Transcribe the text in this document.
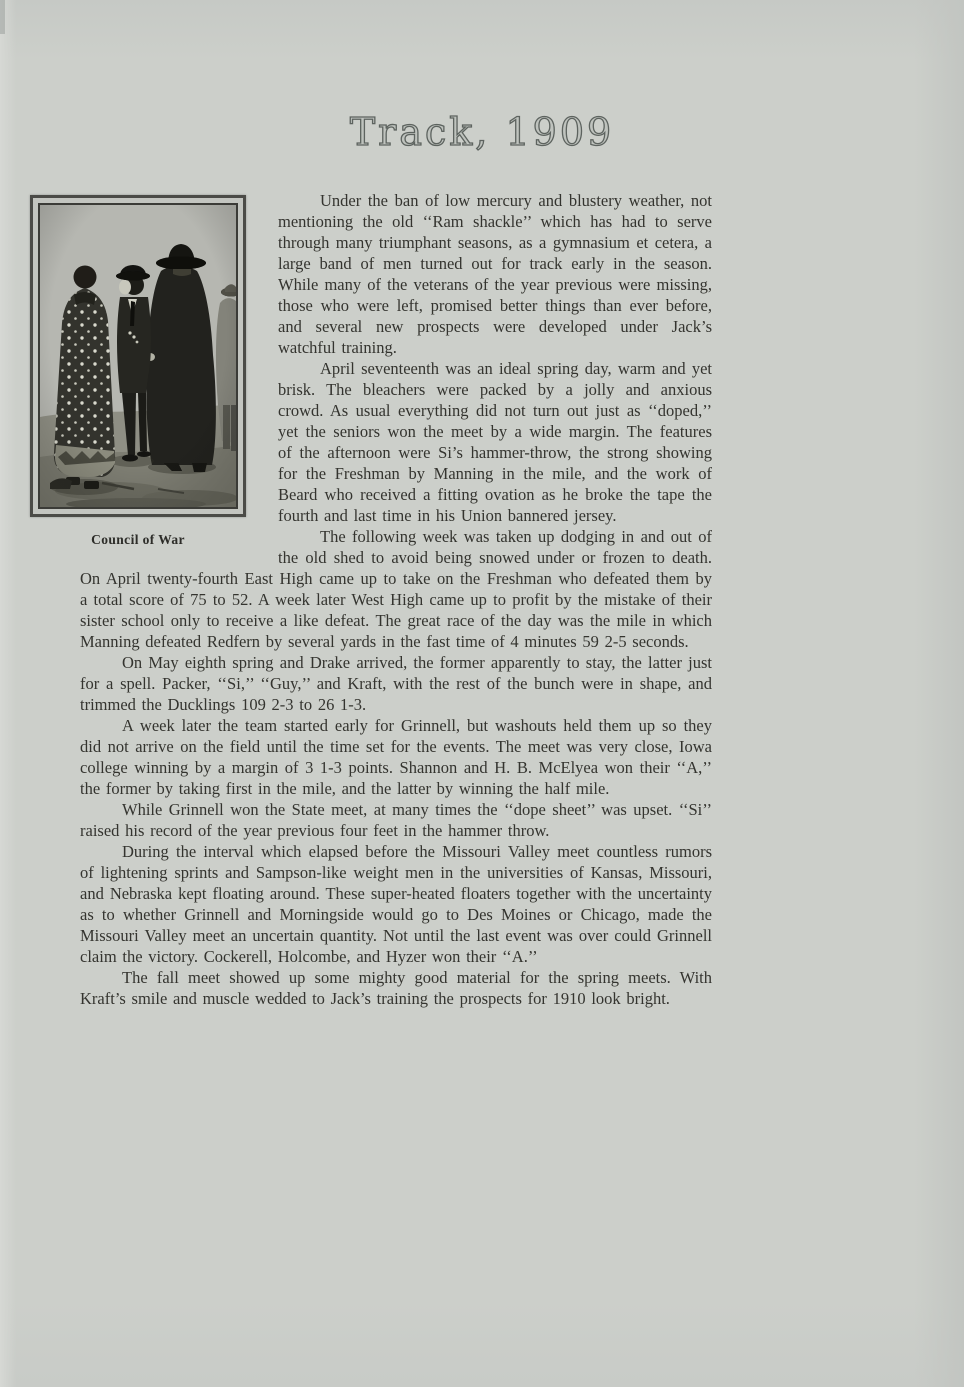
Track, 1909
Council of War

Under the ban of low mercury and blustery weather, not mentioning the old ‘‘Ram shackle’’ which has had to serve through many triumphant seasons, as a gymnasium et cetera, a large band of men turned out for track early in the season. While many of the veterans of the year previous were missing, those who were left, promised better things than ever before, and several new prospects were developed under Jack’s watchful training.

April seventeenth was an ideal spring day, warm and yet brisk. The bleachers were packed by a jolly and anxious crowd. As usual everything did not turn out just as ‘‘doped,’’ yet the seniors won the meet by a wide margin. The features of the afternoon were Si’s hammer-throw, the strong showing for the Freshman by Manning in the mile, and the work of Beard who received a fitting ovation as he broke the tape the fourth and last time in his Union bannered jersey.

The following week was taken up dodging in and out of the old shed to avoid being snowed under or frozen to death. On April twenty-fourth East High came up to take on the Freshman who defeated them by a total score of 75 to 52. A week later West High came up to profit by the mistake of their sister school only to receive a like defeat. The great race of the day was the mile in which Manning defeated Redfern by several yards in the fast time of 4 minutes 59 2-5 seconds.

On May eighth spring and Drake arrived, the former apparently to stay, the latter just for a spell. Packer, ‘‘Si,’’ ‘‘Guy,’’ and Kraft, with the rest of the bunch were in shape, and trimmed the Ducklings 109 2-3 to 26 1-3.

A week later the team started early for Grinnell, but washouts held them up so they did not arrive on the field until the time set for the events. The meet was very close, Iowa college winning by a margin of 3 1-3 points. Shannon and H. B. McElyea won their ‘‘A,’’ the former by taking first in the mile, and the latter by winning the half mile.

While Grinnell won the State meet, at many times the ‘‘dope sheet’’ was upset. ‘‘Si’’ raised his record of the year previous four feet in the hammer throw.

During the interval which elapsed before the Missouri Valley meet countless rumors of lightening sprints and Sampson-like weight men in the universities of Kansas, Missouri, and Nebraska kept floating around. These super-heated floaters together with the uncertainty as to whether Grinnell and Morningside would go to Des Moines or Chicago, made the Missouri Valley meet an uncertain quantity. Not until the last event was over could Grinnell claim the victory. Cockerell, Holcombe, and Hyzer won their ‘‘A.’’

The fall meet showed up some mighty good material for the spring meets. With Kraft’s smile and muscle wedded to Jack’s training the prospects for 1910 look bright.
